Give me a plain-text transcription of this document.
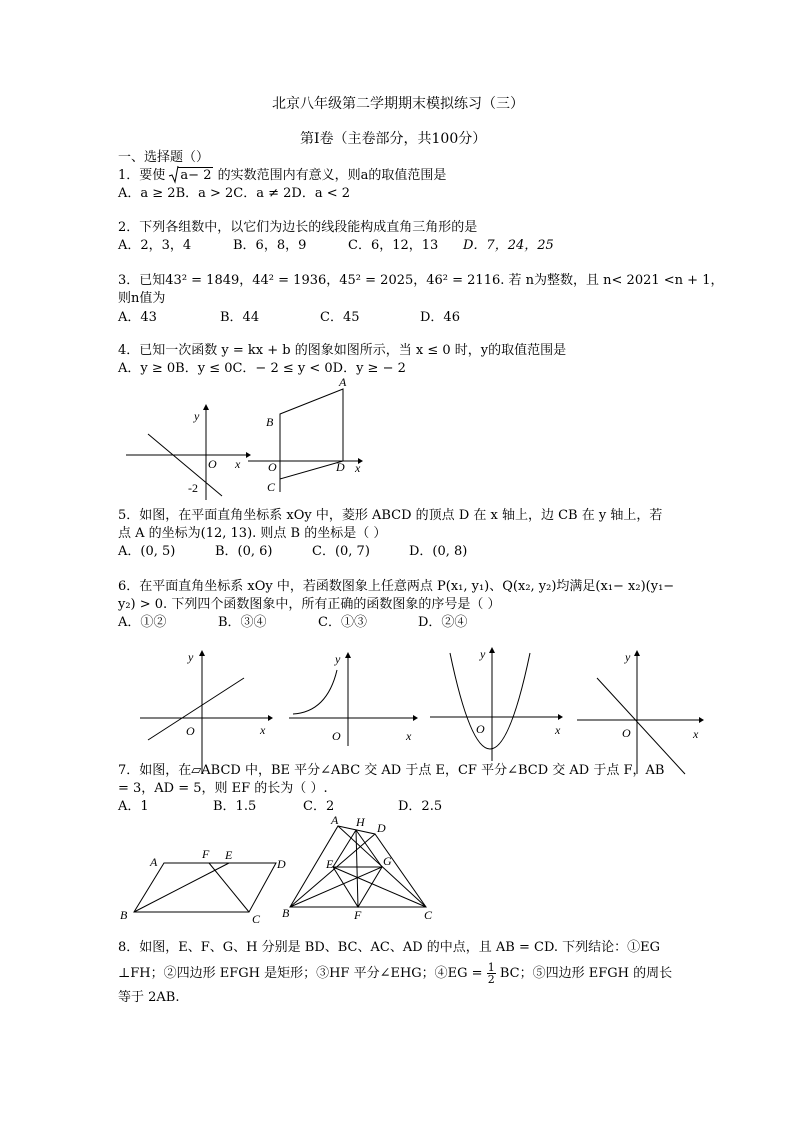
北京八年级第二学期期末模拟练习（三）
第Ⅰ卷（主卷部分，共100分）
一、选择题（）
1．要使 a− 2 的实数范围内有意义，则a的取值范围是
A．a ≥ 2B．a > 2C．a ≠ 2D．a < 2
2．下列各组数中，以它们为边长的线段能构成直角三角形的是
A．2，3，4	B．6，8，9	C．6，12，13 D．7，24，25
3．已知43² = 1849，44² = 1936，45² = 2025，46² = 2116. 若 n为整数，且 n< 2021 <n + 1，
则n值为
A．43	B．44	C．45	D．46
4．已知一次函数 y = kx + b 的图象如图所示，当 x ≤ 0 时，y的取值范围是
A．y ≥ 0B．y ≤ 0C．− 2 ≤ y < 0D．y ≥ − 2
y
x
O
-2
A
B
O
C
D x
5．如图，在平面直角坐标系 xOy 中，菱形 ABCD 的顶点 D 在 x 轴上，边 CB 在 y 轴上，若
点 A 的坐标为(12, 13). 则点 B 的坐标是（ ）
A．(0, 5)	B．(0, 6)	C．(0, 7)	D．(0, 8)
6．在平面直角坐标系 xOy 中，若函数图象上任意两点 P(x₁, y₁)、Q(x₂, y₂)均满足(x₁− x₂)(y₁−
y₂) > 0. 下列四个函数图象中，所有正确的函数图象的序号是（ ）
A．①②	B．③④	C．①③	D．②④
y
x
O
y
x
O
y
x
O
y
x
O
7．如图，在▱ABCD 中，BE 平分∠ABC 交 AD 于点 E，CF 平分∠BCD 交 AD 于点 F，AB
= 3，AD = 5，则 EF 的长为（ ）.
A．1	B．1.5	C．2	D．2.5
A
F E
D
B	C
A H D
E	G
B	F	C
8．如图，E、F、G、H 分别是 BD、BC、AC、AD 的中点，且 AB = CD. 下列结论：①EG
⊥FH；②四边形 EFGH 是矩形；③HF 平分∠EHG；④EG = $\frac{1}{2}$ BC；⑤四边形 EFGH 的周长
等于 2AB.
